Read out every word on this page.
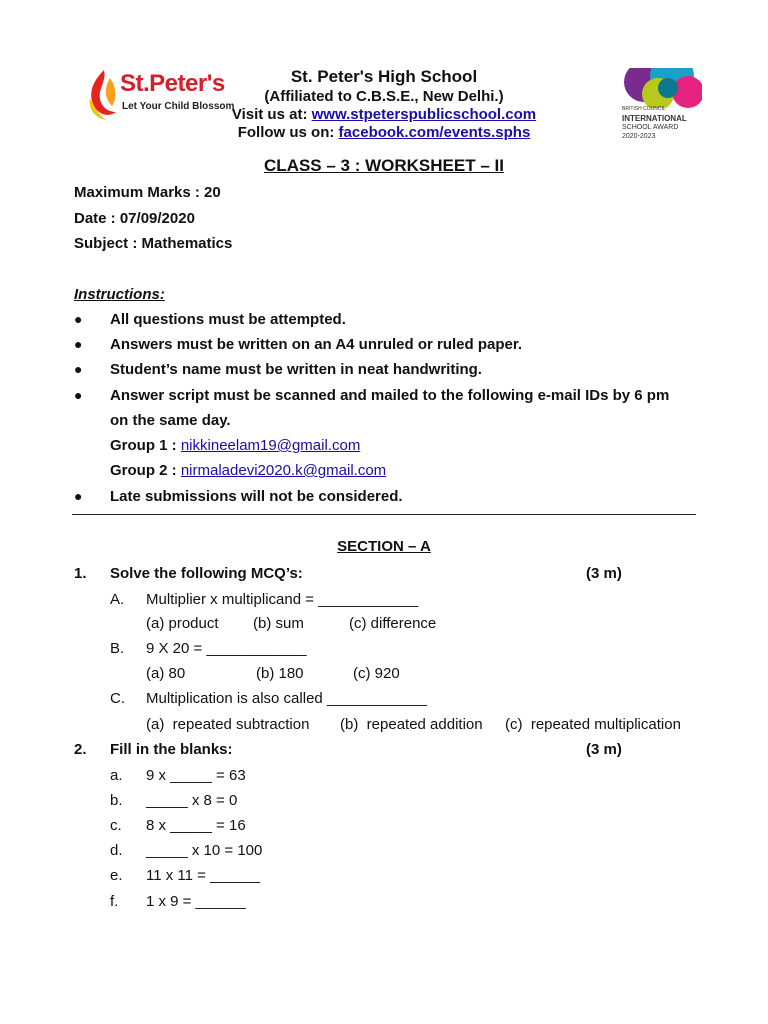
St.Peter's
Let Your Child Blossom
St. Peter's High School
(Affiliated to C.B.S.E., New Delhi.)
Visit us at: www.stpeterspublicschool.com
Follow us on: facebook.com/events.sphs
BRITISH COUNCIL
INTERNATIONAL
SCHOOL AWARD
2020-2023
CLASS – 3 : WORKSHEET – II
Maximum Marks : 20
Date : 07/09/2020
Subject : Mathematics
Instructions:
● All questions must be attempted.
● Answers must be written on an A4 unruled or ruled paper.
● Student’s name must be written in neat handwriting.
● Answer script must be scanned and mailed to the following e-mail IDs by 6 pm
on the same day.
Group 1 : nikkineelam19@gmail.com
Group 2 : nirmaladevi2020.k@gmail.com
● Late submissions will not be considered.
SECTION – A
1. Solve the following MCQ’s:	(3 m)
A. Multiplier x multiplicand = ____________
(a) product (b) sum	(c) difference
B. 9 X 20 = ____________
(a) 80	(b) 180	(c) 920
C. Multiplication is also called ____________
(a)  repeated subtraction (b)  repeated addition (c)  repeated multiplication
2. Fill in the blanks:	(3 m)
a. 9 x _____ = 63
b. _____ x 8 = 0
c. 8 x _____ = 16
d. _____ x 10 = 100
e. 11 x 11 = ______
f. 1 x 9 = ______
